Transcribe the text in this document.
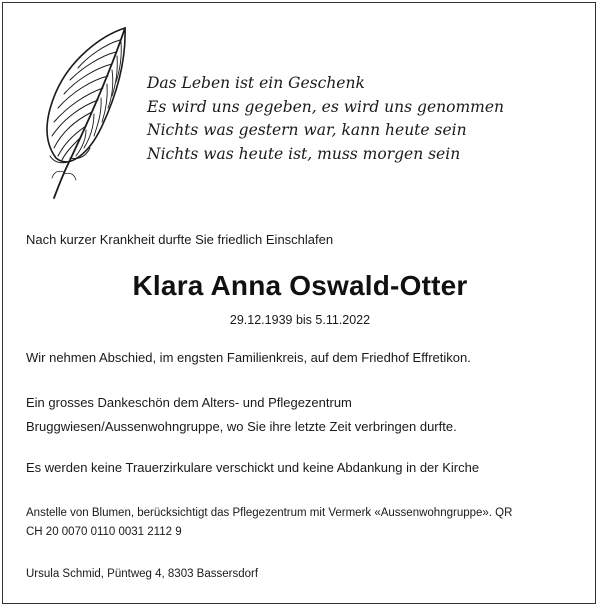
Das Leben ist ein Geschenk
Es wird uns gegeben, es wird uns genommen
Nichts was gestern war, kann heute sein
Nichts was heute ist, muss morgen sein
Nach kurzer Krankheit durfte Sie friedlich Einschlafen
Klara Anna Oswald-Otter
29.12.1939 bis 5.11.2022
Wir nehmen Abschied, im engsten Familienkreis, auf dem Friedhof Effretikon.
Ein grosses Dankeschön dem Alters- und Pflegezentrum
Bruggwiesen/Aussenwohngruppe, wo Sie ihre letzte Zeit verbringen durfte.
Es werden keine Trauerzirkulare verschickt und keine Abdankung in der Kirche
Anstelle von Blumen, berücksichtigt das Pflegezentrum mit Vermerk «Aussenwohngruppe». QR
CH 20 0070 0110 0031 2112 9
Ursula Schmid, Püntweg 4, 8303 Bassersdorf
